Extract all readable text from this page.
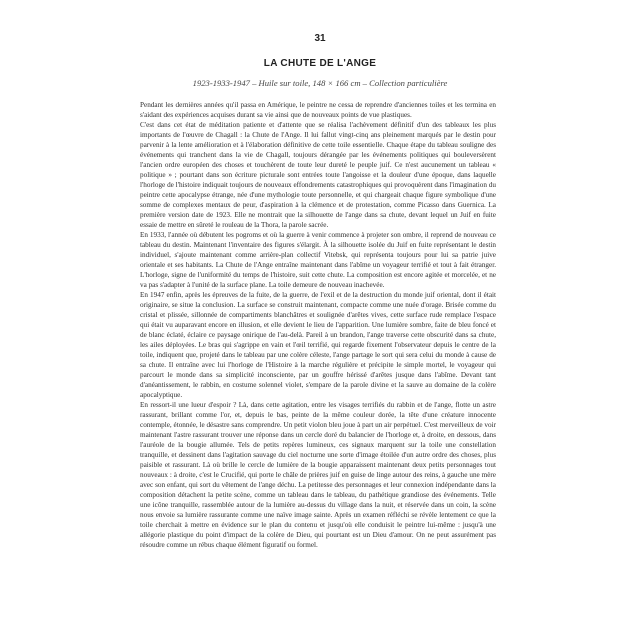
31
LA CHUTE DE L'ANGE
1923-1933-1947 – Huile sur toile, 148 × 166 cm – Collection particulière

Pendant les dernières années qu'il passa en Amérique, le peintre ne cessa de reprendre d'anciennes toiles et les termina en s'aidant des expériences acquises durant sa vie ainsi que de nouveaux points de vue plastiques.

C'est dans cet état de méditation patiente et d'attente que se réalisa l'achèvement définitif d'un des tableaux les plus importants de l'œuvre de Chagall : la Chute de l'Ange. Il lui fallut vingt-cinq ans pleinement marqués par le destin pour parvenir à la lente amélioration et à l'élaboration définitive de cette toile essentielle. Chaque étape du tableau souligne des événements qui tranchent dans la vie de Chagall, toujours dérangée par les événements politiques qui bouleversèrent l'ancien ordre européen des choses et touchèrent de toute leur dureté le peuple juif. Ce n'est aucunement un tableau « politique » ; pourtant dans son écriture picturale sont entrées toute l'angoisse et la douleur d'une époque, dans laquelle l'horloge de l'histoire indiquait toujours de nouveaux effondrements catastrophiques qui provoquèrent dans l'imagination du peintre cette apocalypse étrange, née d'une mythologie toute personnelle, et qui chargeait chaque figure symbolique d'une somme de complexes mentaux de peur, d'aspiration à la clémence et de protestation, comme Picasso dans Guernica. La première version date de 1923. Elle ne montrait que la silhouette de l'ange dans sa chute, devant lequel un Juif en fuite essaie de mettre en sûreté le rouleau de la Thora, la parole sacrée.

En 1933, l'année où débutent les pogroms et où la guerre à venir commence à projeter son ombre, il reprend de nouveau ce tableau du destin. Maintenant l'inventaire des figures s'élargit. À la silhouette isolée du Juif en fuite représentant le destin individuel, s'ajoute maintenant comme arrière-plan collectif Vitebsk, qui représenta toujours pour lui sa patrie juive orientale et ses habitants. La Chute de l'Ange entraîne maintenant dans l'abîme un voyageur terrifié et tout à fait étranger. L'horloge, signe de l'uniformité du temps de l'histoire, suit cette chute. La composition est encore agitée et morcelée, et ne va pas s'adapter à l'unité de la surface plane. La toile demeure de nouveau inachevée.

En 1947 enfin, après les épreuves de la fuite, de la guerre, de l'exil et de la destruction du monde juif oriental, dont il était originaire, se situe la conclusion. La surface se construit maintenant, compacte comme une nuée d'orage. Brisée comme du cristal et plissée, sillonnée de compartiments blanchâtres et soulignée d'arêtes vives, cette surface rude remplace l'espace qui était vu auparavant encore en illusion, et elle devient le lieu de l'apparition. Une lumière sombre, faite de bleu foncé et de blanc éclaté, éclaire ce paysage onirique de l'au-delà. Pareil à un brandon, l'ange traverse cette obscurité dans sa chute, les ailes déployées. Le bras qui s'agrippe en vain et l'œil terrifié, qui regarde fixement l'observateur depuis le centre de la toile, indiquent que, projeté dans le tableau par une colère céleste, l'ange partage le sort qui sera celui du monde à cause de sa chute. Il entraîne avec lui l'horloge de l'Histoire à la marche régulière et précipite le simple mortel, le voyageur qui parcourt le monde dans sa simplicité inconsciente, par un gouffre hérissé d'arêtes jusque dans l'abîme. Devant tant d'anéantissement, le rabbin, en costume solennel violet, s'empare de la parole divine et la sauve au domaine de la colère apocalyptique.

En ressort-il une lueur d'espoir ? Là, dans cette agitation, entre les visages terrifiés du rabbin et de l'ange, flotte un astre rassurant, brillant comme l'or, et, depuis le bas, peinte de la même couleur dorée, la tête d'une créature innocente contemple, étonnée, le désastre sans comprendre. Un petit violon bleu joue à part un air perpétuel. C'est merveilleux de voir maintenant l'astre rassurant trouver une réponse dans un cercle doré du balancier de l'horloge et, à droite, en dessous, dans l'auréole de la bougie allumée. Tels de petits repères lumineux, ces signaux marquent sur la toile une constellation tranquille, et dessinent dans l'agitation sauvage du ciel nocturne une sorte d'image étoilée d'un autre ordre des choses, plus paisible et rassurant. Là où brille le cercle de lumière de la bougie apparaissent maintenant deux petits personnages tout nouveaux : à droite, c'est le Crucifié, qui porte le châle de prières juif en guise de linge autour des reins, à gauche une mère avec son enfant, qui sort du vêtement de l'ange déchu. La petitesse des personnages et leur connexion indépendante dans la composition détachent la petite scène, comme un tableau dans le tableau, du pathétique grandiose des événements. Telle une icône tranquille, rassemblée autour de la lumière au-dessus du village dans la nuit, et réservée dans un coin, la scène nous envoie sa lumière rassurante comme une naïve image sainte. Après un examen réfléchi se révèle lentement ce que la toile cherchait à mettre en évidence sur le plan du contenu et jusqu'où elle conduisit le peintre lui-même : jusqu'à une allégorie plastique du point d'impact de la colère de Dieu, qui pourtant est un Dieu d'amour. On ne peut assurément pas résoudre comme un rébus chaque élément figuratif ou formel.
